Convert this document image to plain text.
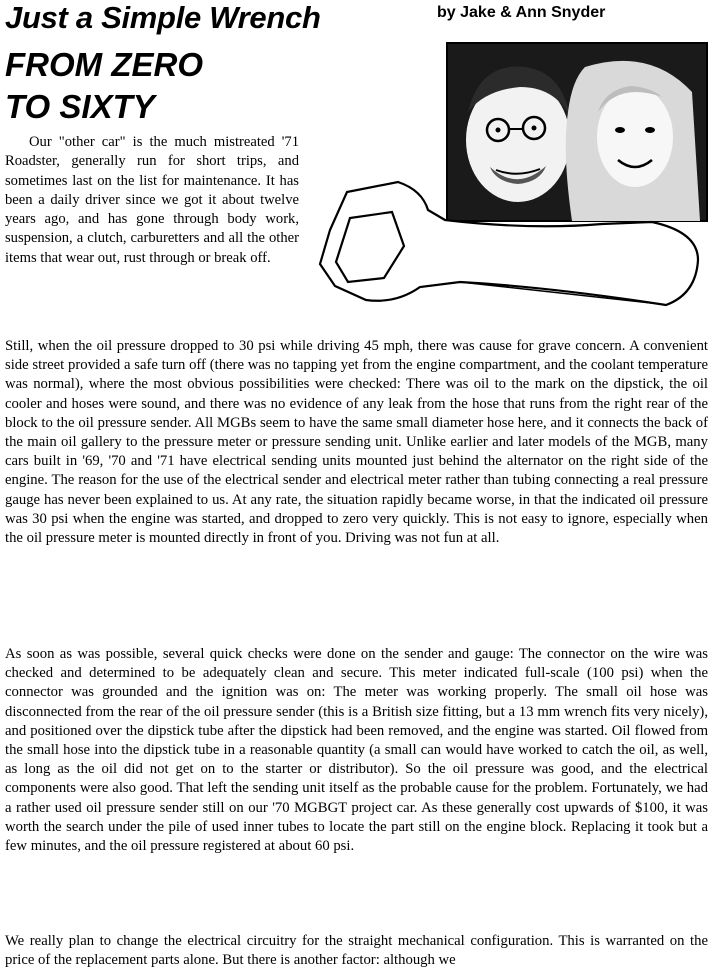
Just a Simple Wrench	by Jake & Ann Snyder
FROM ZERO
TO SIXTY

Our "other car" is the much mistreated '71 Roadster, generally run for short trips, and sometimes last on the list for maintenance. It has been a daily driver since we got it about twelve years ago, and has gone through body work, suspension, a clutch, carburetters and all the other items that wear out, rust through or break off.

Still, when the oil pressure dropped to 30 psi while driving 45 mph, there was cause for grave concern. A convenient side street provided a safe turn off (there was no tapping yet from the engine compartment, and the coolant temperature was normal), where the most obvious possibilities were checked: There was oil to the mark on the dipstick, the oil cooler and hoses were sound, and there was no evidence of any leak from the hose that runs from the right rear of the block to the oil pressure sender. All MGBs seem to have the same small diameter hose here, and it connects the back of the main oil gallery to the pressure meter or pressure sending unit. Unlike earlier and later models of the MGB, many cars built in '69, '70 and '71 have electrical sending units mounted just behind the alternator on the right side of the engine. The reason for the use of the electrical sender and electrical meter rather than tubing connecting a real pressure gauge has never been explained to us. At any rate, the situation rapidly became worse, in that the indicated oil pressure was 30 psi when the engine was started, and dropped to zero very quickly. This is not easy to ignore, especially when the oil pressure meter is mounted directly in front of you. Driving was not fun at all.

As soon as was possible, several quick checks were done on the sender and gauge: The connector on the wire was checked and determined to be adequately clean and secure. This meter indicated full-scale (100 psi) when the connector was grounded and the ignition was on: The meter was working properly. The small oil hose was disconnected from the rear of the oil pressure sender (this is a British size fitting, but a 13 mm wrench fits very nicely), and positioned over the dipstick tube after the dipstick had been removed, and the engine was started. Oil flowed from the small hose into the dipstick tube in a reasonable quantity (a small can would have worked to catch the oil, as well, as long as the oil did not get on to the starter or distributor). So the oil pressure was good, and the electrical components were also good. That left the sending unit itself as the probable cause for the problem. Fortunately, we had a rather used oil pressure sender still on our '70 MGBGT project car. As these generally cost upwards of $100, it was worth the search under the pile of used inner tubes to locate the part still on the engine block. Replacing it took but a few minutes, and the oil pressure registered at about 60 psi.

We really plan to change the electrical circuitry for the straight mechanical configuration. This is warranted on the price of the replacement parts alone. But there is another factor: although we
